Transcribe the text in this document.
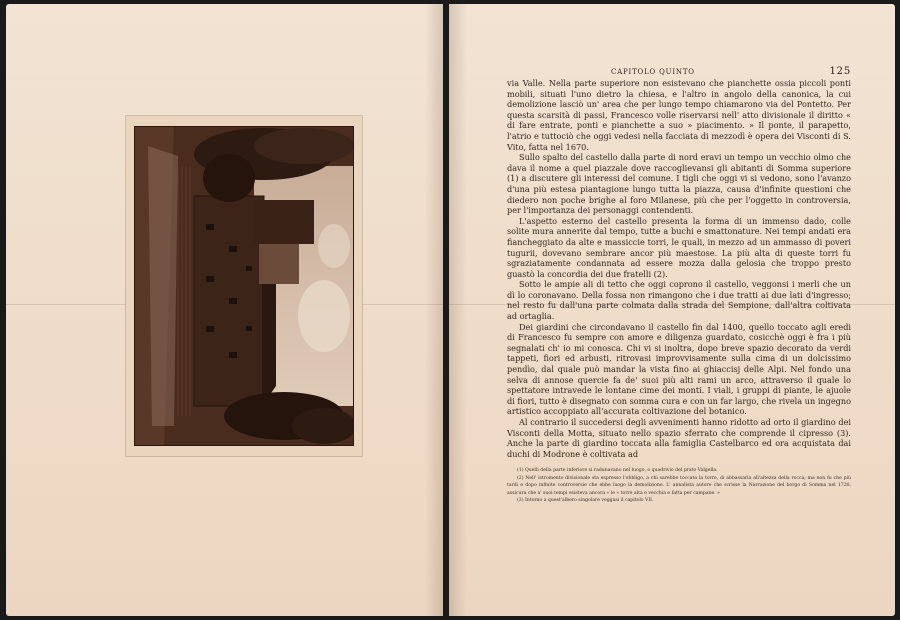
CAPITOLO QUINTO	125

via Valle. Nella parte superiore non esistevano che pianchette ossia piccoli ponti mobili, situati l'uno dietro la chiesa, e l'altro in angolo della canonica, la cui demolizione lasciò un' area che per lungo tempo chiamarono via del Pontetto. Per questa scarsità di passi, Francesco volle riservarsi nell' atto divisionale il diritto « di fare entrate, ponti e pianchette a suo » piacimento. » Il ponte, il parapetto, l'atrio e tuttociò che oggi vedesi nella facciata di mezzodì è opera dei Visconti di S. Vito, fatta nel 1670.

Sullo spalto del castello dalla parte di nord eravi un tempo un vecchio olmo che dava il nome a quel piazzale dove raccoglievansi gli abitanti di Somma superiore (1) a discutere gli interessi del comune. I tigli che oggi vi si vedono, sono l'avanzo d'una più estesa piantagione lungo tutta la piazza, causa d'infinite questioni che diedero non poche brighe al foro Milanese, più che per l'oggetto in controversia, per l'importanza dei personaggi contendenti.

L'aspetto esterno del castello presenta la forma di un immenso dado, colle solite mura annerite dal tempo, tutte a buchi e smattonature. Nei tempi andati era fiancheggiato da alte e massiccie torri, le quali, in mezzo ad un ammasso di poveri tugurii, dovevano sembrare ancor più maestose. La più alta di queste torri fu sgraziatamente condannata ad essere mozza dalla gelosia che troppo presto guastò la concordia dei due fratelli (2).

Sotto le ampie ali di tetto che oggi coprono il castello, veggonsi i merli che un dì lo coronavano. Della fossa non rimangono che i due tratti ai due lati d'ingresso; nel resto fu dall'una parte colmata dalla strada del Sempione, dall'altra coltivata ad ortaglia.

Dei giardini che circondavano il castello fin dal 1400, quello toccato agli eredi di Francesco fu sempre con amore e diligenza guardato, cosicchè oggi è fra i più segnalati ch' io mi conosca. Chi vi si inoltra, dopo breve spazio decorato da verdi tappeti, fiori ed arbusti, ritrovasi improvvisamente sulla cima di un dolcissimo pendìo, dal quale può mandar la vista fino ai ghiaccisj delle Alpi. Nel fondo una selva di annose quercie fa de' suoi più alti rami un arco, attraverso il quale lo spettatore intravede le lontane cime dei monti. I viali, i gruppi di piante, le ajuole di fiori, tutto è disegnato con somma cura e con un far largo, che rivela un ingegno artistico accoppiato all'accurata coltivazione del botanico.

Al contrario il succedersi degli avvenimenti hanno ridotto ad orto il giardino dei Visconti della Motta, situato nello spazio sferrato che comprende il cipresso (3). Anche la parte di giardino toccata alla famiglia Castelbarco ed ora acquistata dai duchi di Modrone è coltivata ad

(1) Quelli della parte inferiore si radunavano nel luogo, o quadrivio del prato Valgella.

(2) Nell' istromento divisionale sta espresso l'obbligo, a chi sarebbe toccata la torre, di abbassarla all'altezza della rocca; ma non fu che più tardi e dopo infinite controversie che ebbe luogo la demolizione. L' annalista autore che scrisse la Narrazione del borgo di Somma nel 1720, assicura che a' suoi tempi esisteva ancora « le « torre alta e vecchia e fatta per campane. »

(3) Intorno a quest'albero singolare veggasi il capitolo VII.
